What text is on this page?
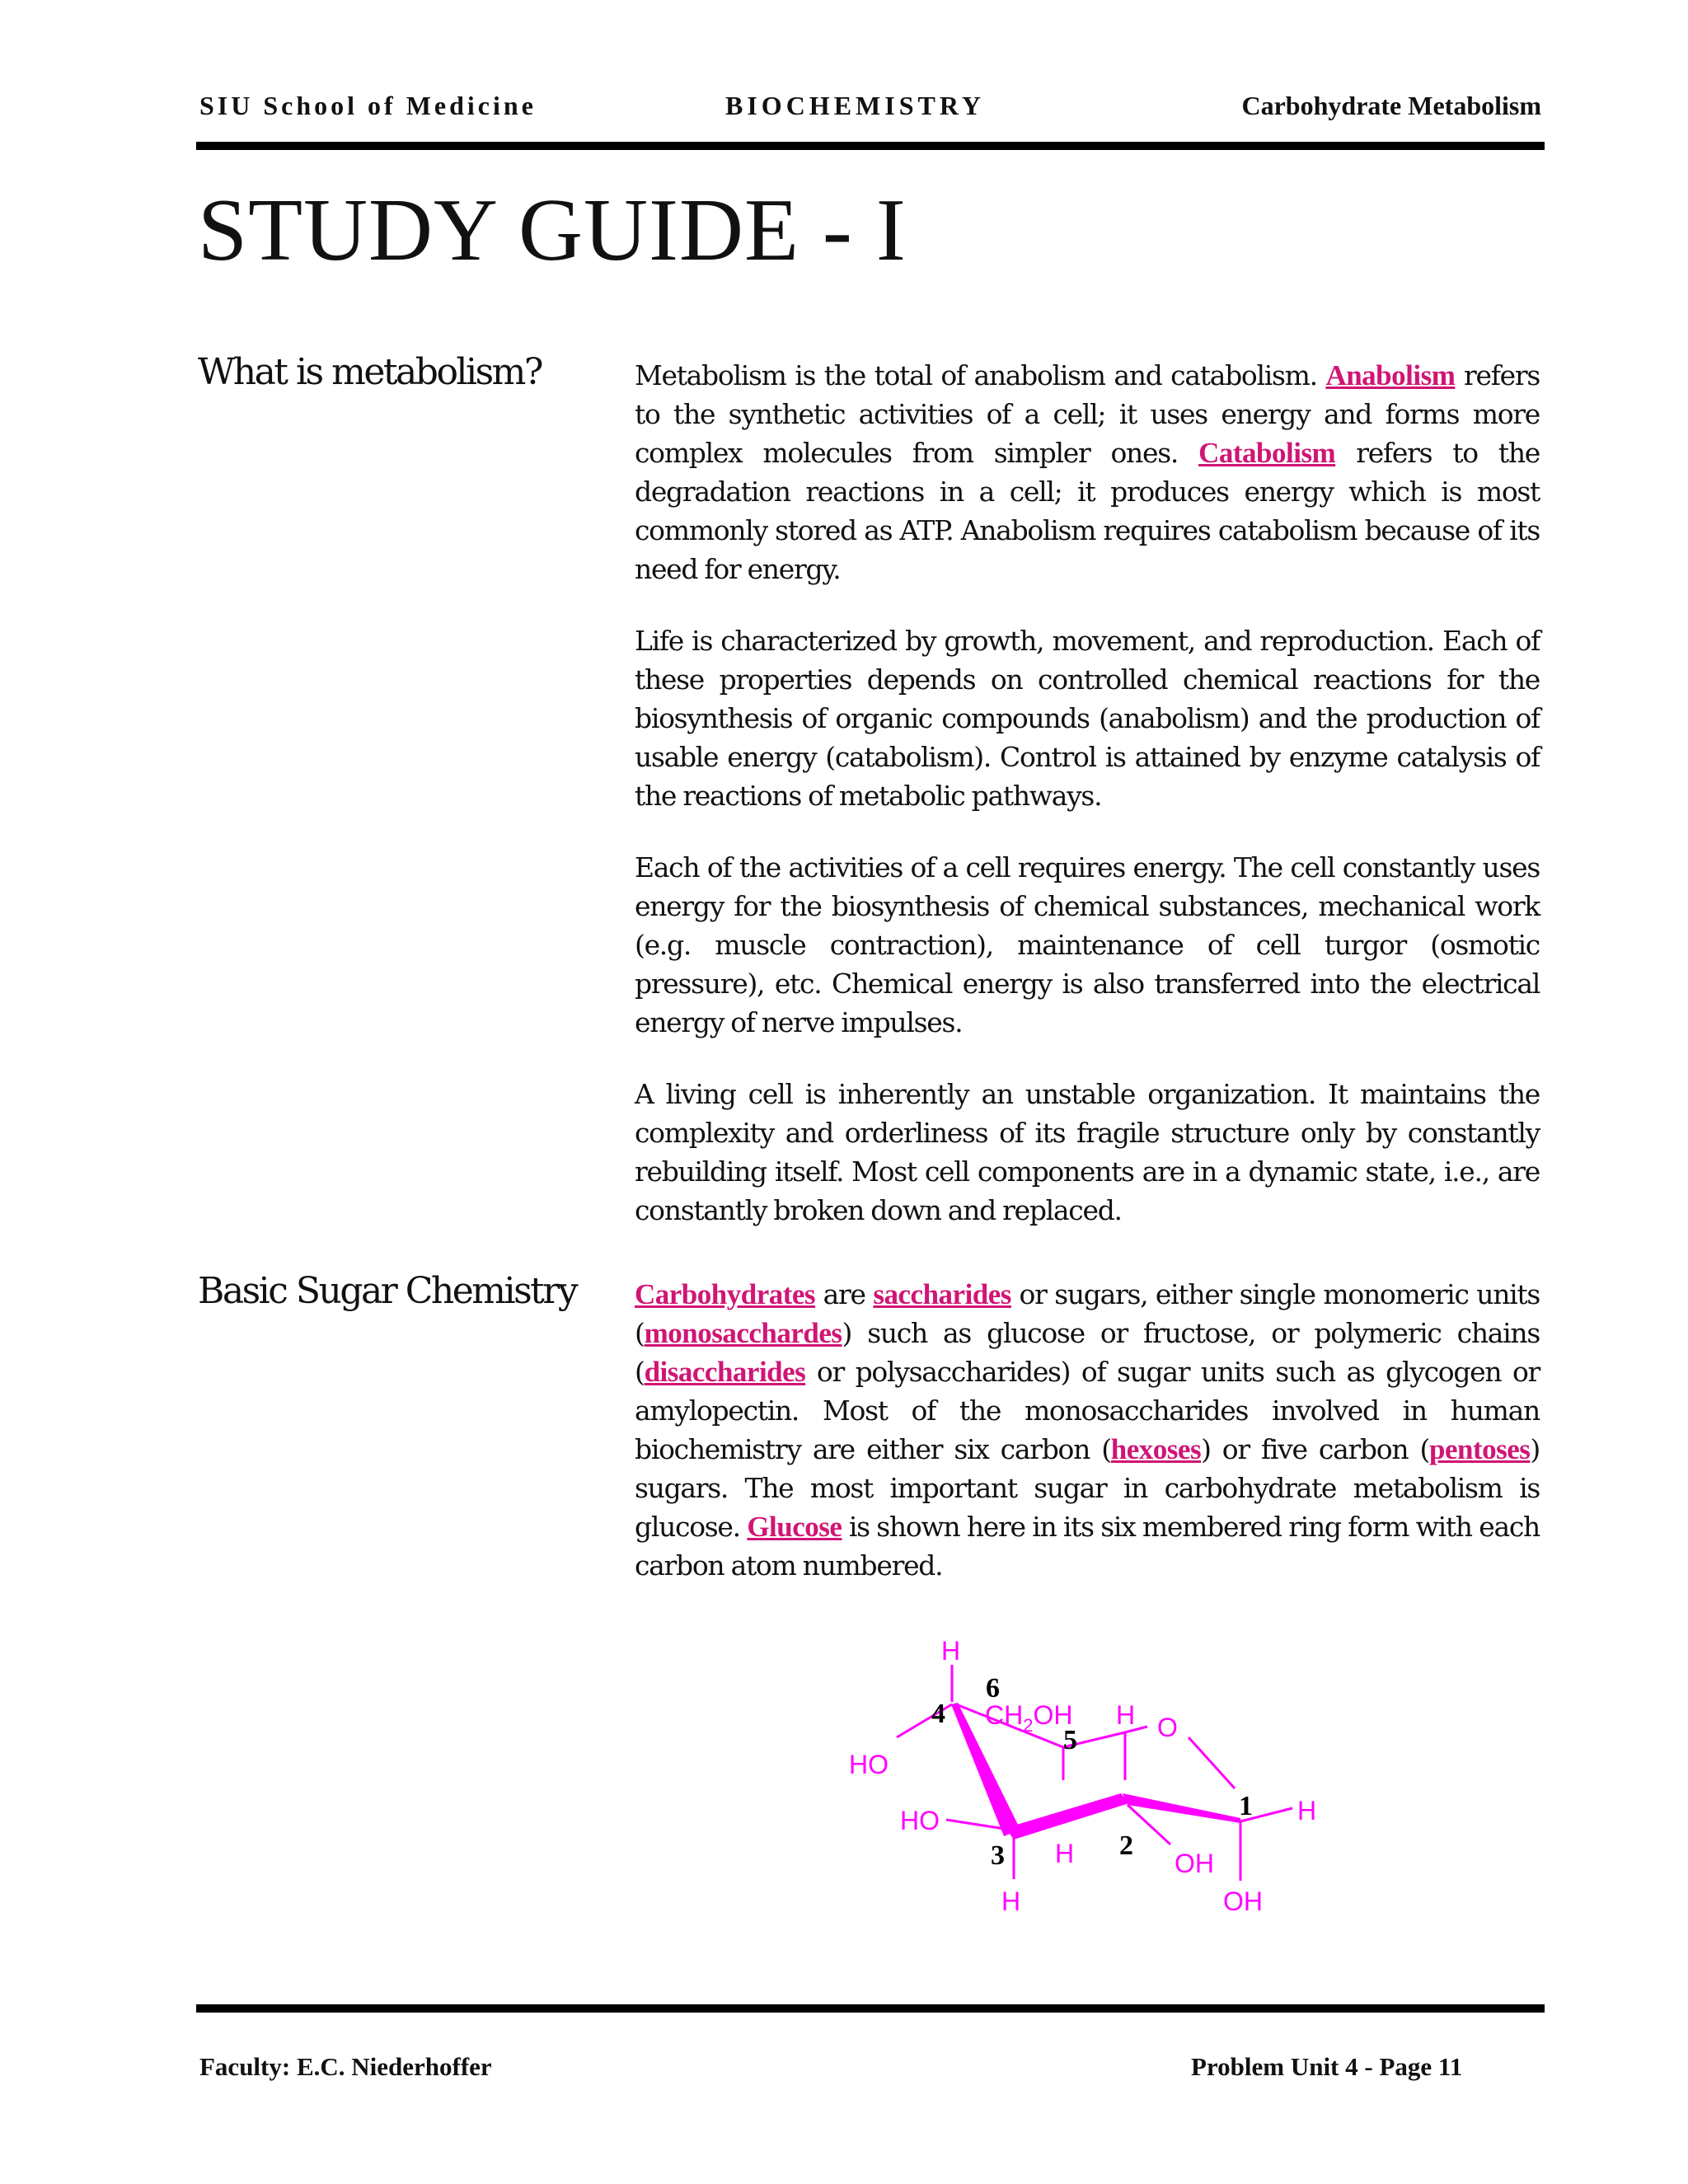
SIU School of Medicine	BIOCHEMISTRY	Carbohydrate Metabolism
STUDY GUIDE - I
What is metabolism?	Metabolism is the total of anabolism and catabolism. Anabolism refers to the synthetic activities of a cell; it uses energy and forms more complex molecules from simpler ones. Catabolism refers to the degradation reactions in a cell; it produces energy which is most commonly stored as ATP. Anabolism requires catabolism because of its need for energy.

Life is characterized by growth, movement, and reproduction. Each of these properties depends on controlled chemical reactions for the biosynthesis of organic compounds (anabolism) and the production of usable energy (catabolism). Control is attained by enzyme catalysis of the reactions of metabolic pathways.

Each of the activities of a cell requires energy. The cell constantly uses energy for the biosynthesis of chemical substances, mechanical work (e.g. muscle contraction), maintenance of cell turgor (osmotic pressure), etc. Chemical energy is also transferred into the electrical energy of nerve impulses.

A living cell is inherently an unstable organization. It maintains the complexity and orderliness of its fragile structure only by constantly rebuilding itself. Most cell components are in a dynamic state, i.e., are constantly broken down and replaced.

Basic Sugar Chemistry Carbohydrates are saccharides or sugars, either single monomeric units (monosacchardes) such as glucose or fructose, or polymeric chains (disaccharides or polysaccharides) of sugar units such as glycogen or amylopectin. Most of the monosaccharides involved in human biochemistry are either six carbon (hexoses) or five carbon (pentoses) sugars. The most important sugar in carbohydrate metabolism is glucose. Glucose is shown here in its six membered ring form with each carbon atom numbered.

H
$CH_2OH$ H O
HO
HO
H	OH
H
H	OH
6
4
5
1
2
3
Faculty: E.C. Niederhoffer	Problem Unit 4 - Page 11
